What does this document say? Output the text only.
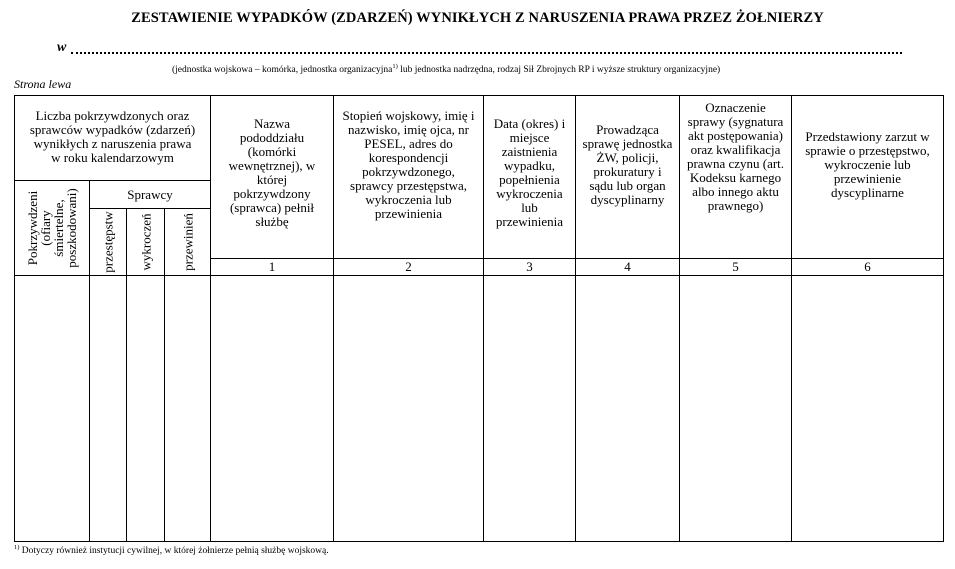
ZESTAWIENIE WYPADKÓW (ZDARZEŃ) WYNIKŁYCH Z NARUSZENIA PRAWA PRZEZ ŻOŁNIERZY
w
(jednostka wojskowa – komórka, jednostka organizacyjna$^{1)}$ lub jednostka nadrzędna, rodzaj Sił Zbrojnych RP i wyższe struktury organizacyjne)
Strona lewa
Liczba pokrzywdzonych oraz sprawców wypadków (zdarzeń) wynikłych z naruszenia prawa w roku kalendarzowym				Nazwa pododdziału (komórki wewnętrznej), w której pokrzywdzony (sprawca) pełnił służbę	Stopień wojskowy, imię i nazwisko, imię ojca, nr PESEL, adres do korespondencji pokrzywdzonego, sprawcy przestępstwa, wykroczenia lub przewinienia	Data (okres) i miejsce zaistnienia wypadku, popełnienia wykroczenia lub przewinienia	Prowadząca sprawę jednostka ŻW, policji, prokuratury i sądu lub organ dyscyplinarny	Oznaczenie sprawy (sygnatura akt postępowania) oraz kwalifikacja prawna czynu (art. Kodeksu karnego albo innego aktu prawnego)	Przedstawiony zarzut w sprawie o przestępstwo, wykroczenie lub przewinienie dyscyplinarne

Pokrzywdzeni (ofiary śmiertelne, poszkodowani)	Sprawcy								

	przestępstw	wykroczeń	przewinień						

				1	2	3	4	5	6

$^{1)}$ Dotyczy również instytucji cywilnej, w której żołnierze pełnią służbę wojskową.
